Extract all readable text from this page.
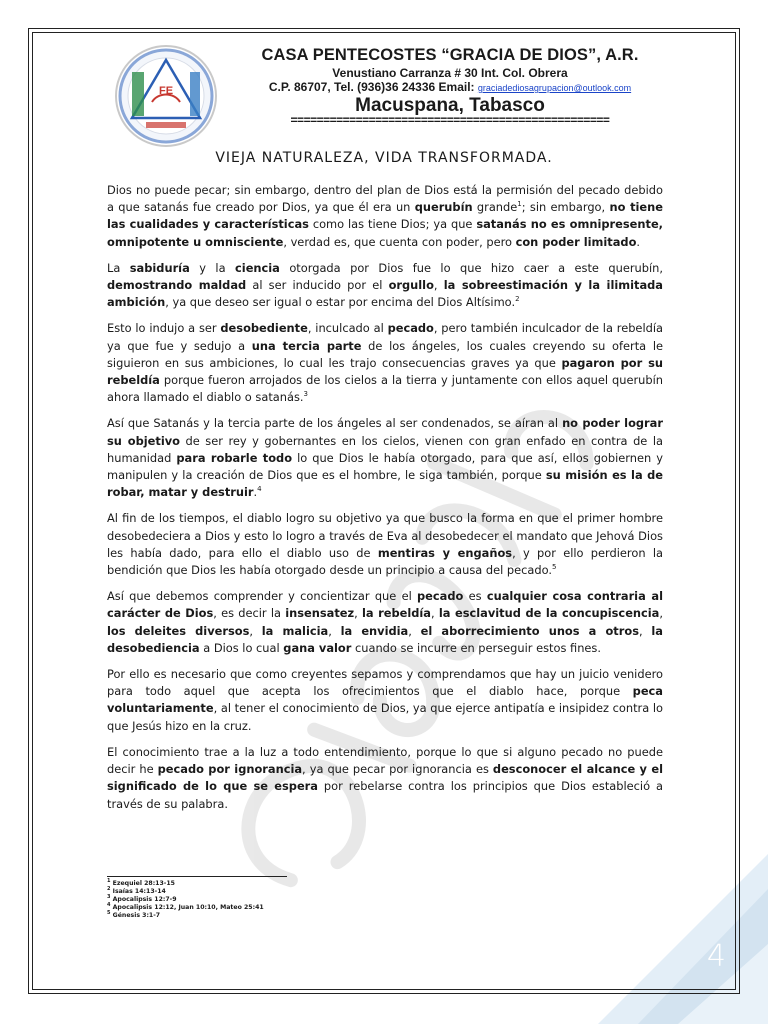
FE
CASA PENTECOSTES “GRACIA DE DIOS”, A.R.
Venustiano Carranza # 30 Int. Col. Obrera
C.P. 86707, Tel. (936)36 24336 Email: graciadediosagrupacion@outlook.com
Macuspana, Tabasco
=================================================
VIEJA NATURALEZA, VIDA TRANSFORMADA.

Dios no puede pecar; sin embargo, dentro del plan de Dios está la permisión del pecado debido a que satanás fue creado por Dios, ya que él era un querubín grande$^1$; sin embargo, no tiene las cualidades y características como las tiene Dios; ya que satanás no es omnipresente, omnipotente u omnisciente, verdad es, que cuenta con poder, pero con poder limitado.

La sabiduría y la ciencia otorgada por Dios fue lo que hizo caer a este querubín, demostrando maldad al ser inducido por el orgullo, la sobreestimación y la ilimitada ambición, ya que deseo ser igual o estar por encima del Dios Altísimo.$^2$

Esto lo indujo a ser desobediente, inculcado al pecado, pero también inculcador de la rebeldía ya que fue y sedujo a una tercia parte de los ángeles, los cuales creyendo su oferta le siguieron en sus ambiciones, lo cual les trajo consecuencias graves ya que pagaron por su rebeldía porque fueron arrojados de los cielos a la tierra y juntamente con ellos aquel querubín ahora llamado el diablo o satanás.$^3$

Así que Satanás y la tercia parte de los ángeles al ser condenados, se aíran al no poder lograr su objetivo de ser rey y gobernantes en los cielos, vienen con gran enfado en contra de la humanidad para robarle todo lo que Dios le había otorgado, para que así, ellos gobiernen y manipulen y la creación de Dios que es el hombre, le siga también, porque su misión es la de robar, matar y destruir.$^4$

Al fin de los tiempos, el diablo logro su objetivo ya que busco la forma en que el primer hombre desobedeciera a Dios y esto lo logro a través de Eva al desobedecer el mandato que Jehová Dios les había dado, para ello el diablo uso de mentiras y engaños, y por ello perdieron la bendición que Dios les había otorgado desde un principio a causa del pecado.$^5$

Así que debemos comprender y concientizar que el pecado es cualquier cosa contraria al carácter de Dios, es decir la insensatez, la rebeldía, la esclavitud de la concupiscencia, los deleites diversos, la malicia, la envidia, el aborrecimiento unos a otros, la desobediencia a Dios lo cual gana valor cuando se incurre en perseguir estos fines.

Por ello es necesario que como creyentes sepamos y comprendamos que hay un juicio venidero para todo aquel que acepta los ofrecimientos que el diablo hace, porque peca voluntariamente, al tener el conocimiento de Dios, ya que ejerce antipatía e insipidez contra lo que Jesús hizo en la cruz.

El conocimiento trae a la luz a todo entendimiento, porque lo que si alguno pecado no puede decir he pecado por ignorancia, ya que pecar por ignorancia es desconocer el alcance y el significado de lo que se espera por rebelarse contra los principios que Dios estableció a través de su palabra.

$^1$ Ezequiel 28:13-15
$^2$ Isaías 14:13-14
$^3$ Apocalipsis 12:7-9
$^4$ Apocalipsis 12:12, Juan 10:10, Mateo 25:41
$^5$ Génesis 3:1-7
4
